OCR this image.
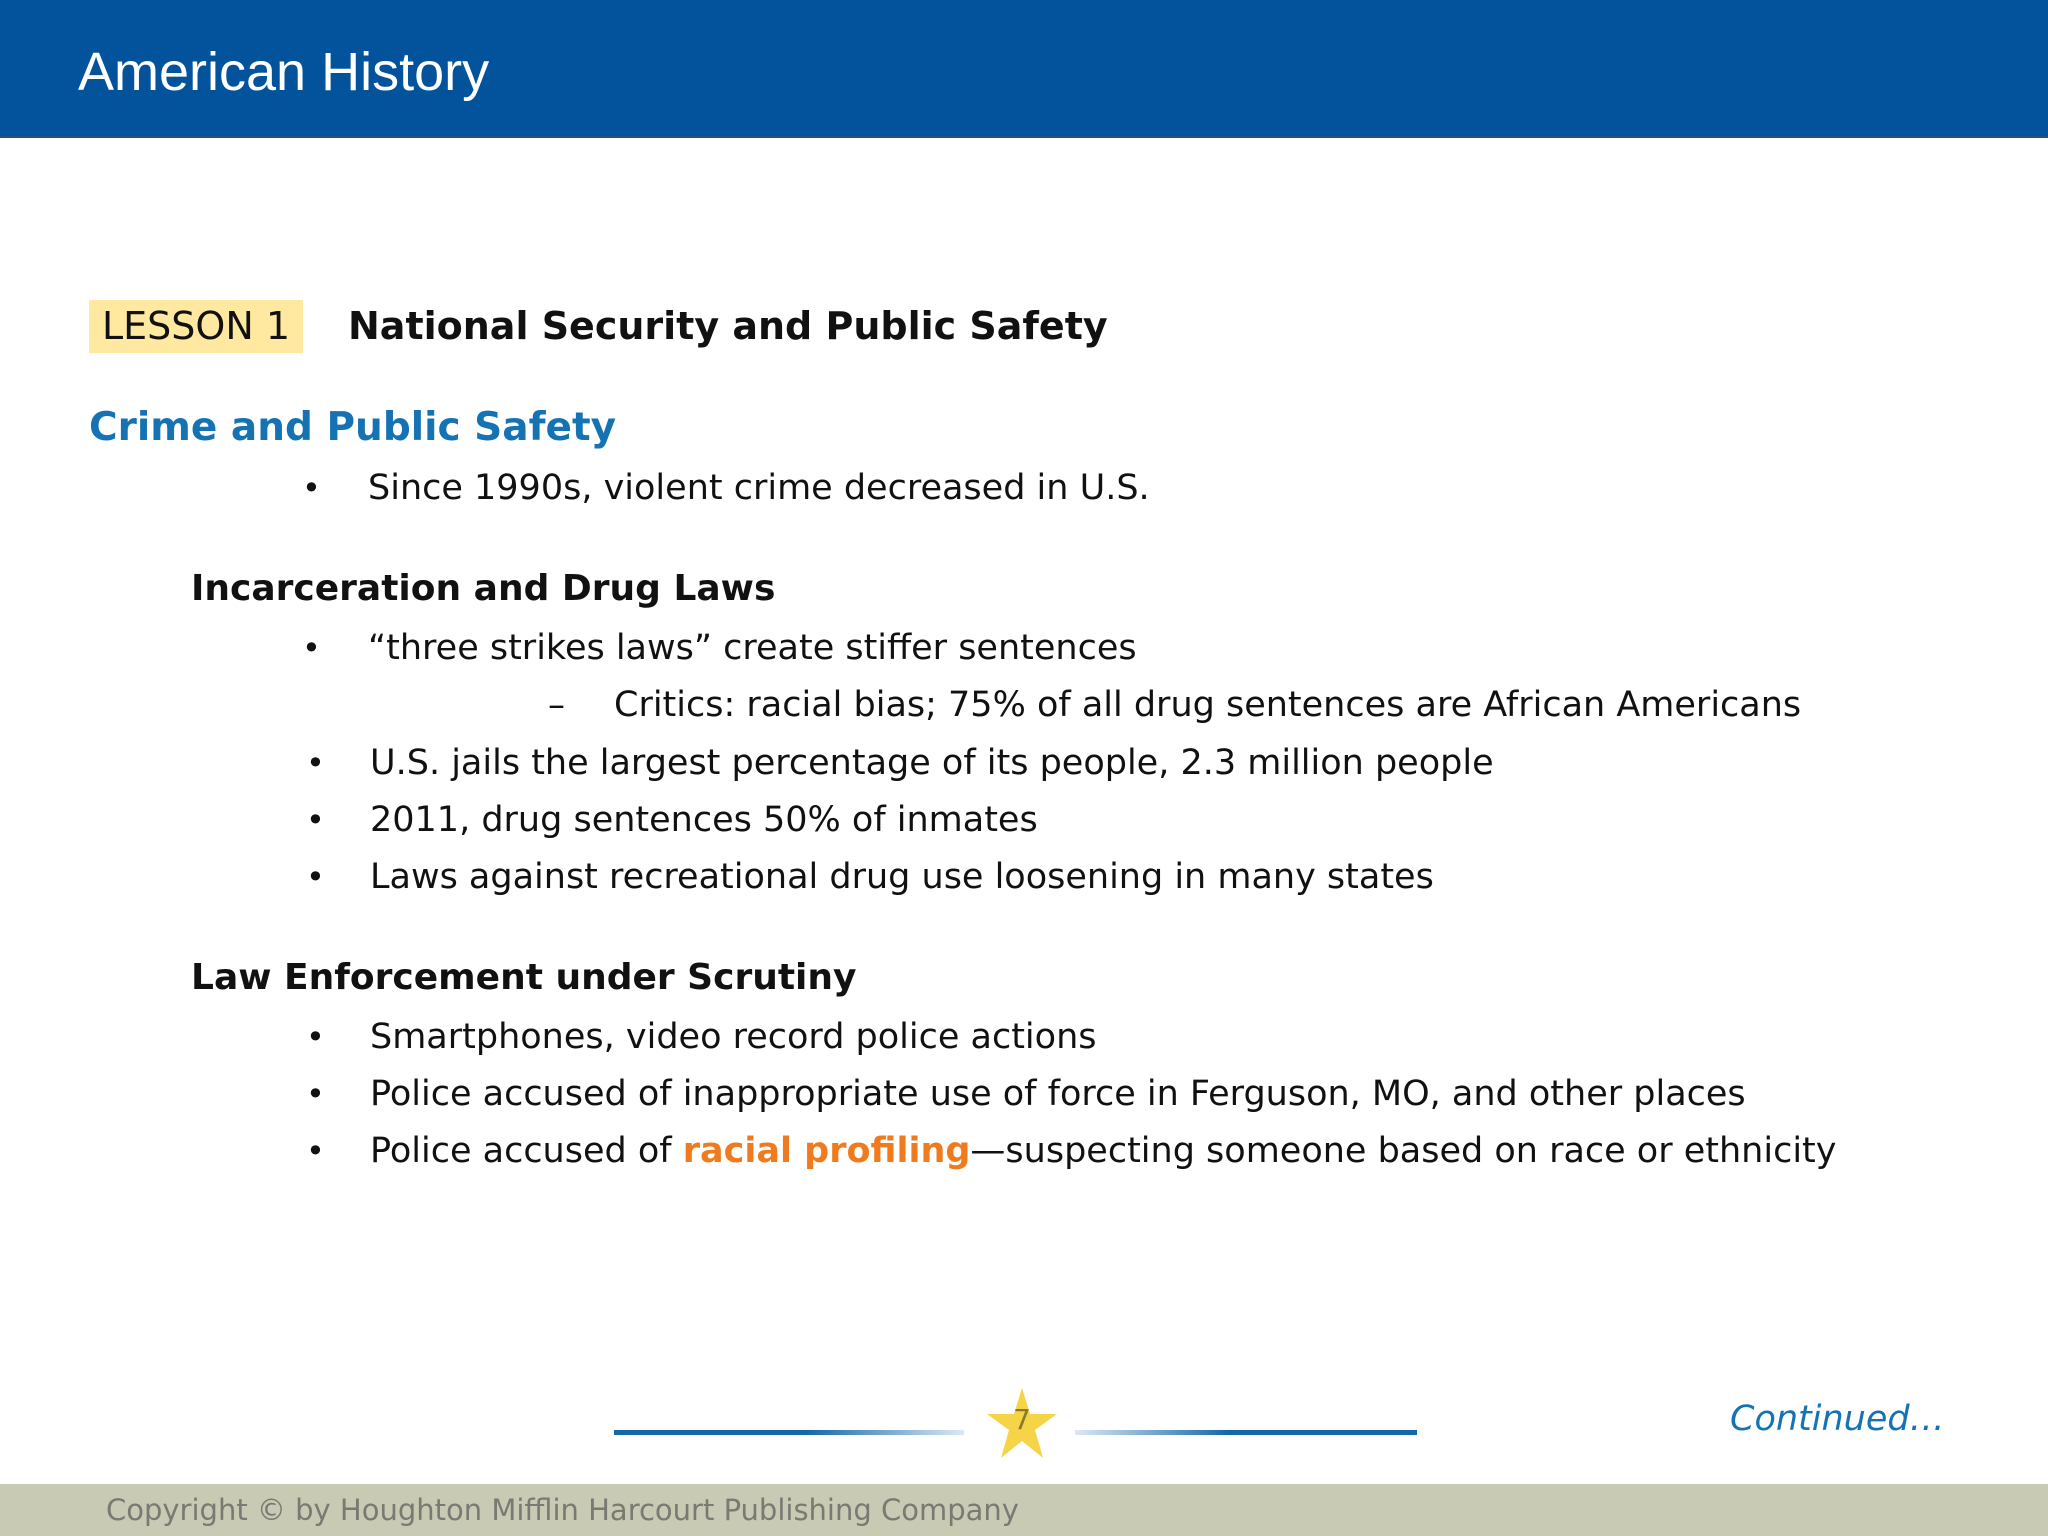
American History
LESSON 1	National Security and Public Safety
Crime and Public Safety
• Since 1990s, violent crime decreased in U.S.
Incarceration and Drug Laws
• “three strikes laws” create stiffer sentences
– Critics: racial bias; 75% of all drug sentences are African Americans
• U.S. jails the largest percentage of its people, 2.3 million people
• 2011, drug sentences 50% of inmates
• Laws against recreational drug use loosening in many states
Law Enforcement under Scrutiny
• Smartphones, video record police actions
• Police accused of inappropriate use of force in Ferguson, MO, and other places
• Police accused of racial profiling—suspecting someone based on race or ethnicity
7	Continued…
Copyright © by Houghton Mifflin Harcourt Publishing Company
